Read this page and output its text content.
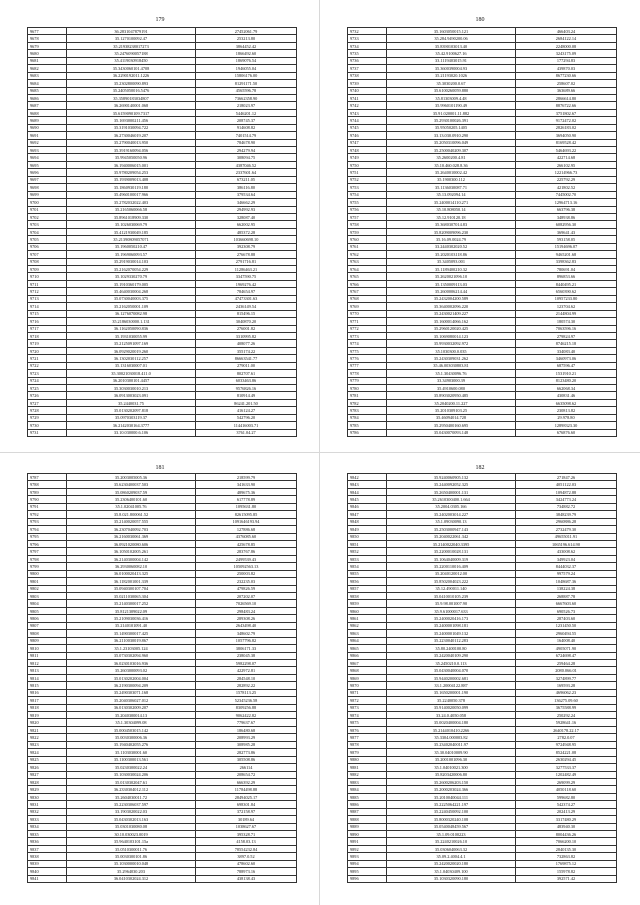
179
9677	36.2831047879191	27452061.79
9678	35.1270100092.47	253213.80
9679	35.21938238017273	3864452.42
9680	35.2476090057188	1866492.60
9681	35.4119030918450	1869076.54
9682	35.3430060101.4708	1946055.04
9683	36.2290192011.1226	15806176.00
9684	35.2302800090.893	81291171.50
9685	35.2405050016.5476	4565596.78
9686	35.35890183034807	73662358.90
9687	36.2690140001.068	218023.97
9688	35.6159090109.7317	5446201.12
9689	35.1693000211.456	208745.37
9690	35.3191030094.722	914608.82
9691	36.2730046019.207	7401514.79
9692	35.2790040013.950	784678.90
9693	35.3919160094.056	294279.94
9694	35.9945050050.96	308094.75
9695	36.1940006015.001	4387046.52
9696	35.9780209054.253	2337601.64
9697	35.1939009013.408	673211.05
9698	35.1860930119.180	386116.80
9699	35.4960100017.966	379534.64
9700	35.2782032022.403	346662.29
9701	35.2165060066.58	294992.93
9702	35.8961018909.330	328087.40
9703	35.1026030069.79	662002.95
9704	35.4121930049.185	485372.28
9705	35.21390809057071	103660698.10
9706	35.1960050210.47	392308.79
9707	35.1969060093.57	276678.88
9708	35.2919030014.103	2791716.81
9709	35.2162070054.229	11286463.21
9710	35.1029330270.79	3347590.75
9711	35.1910360179.005	1969276.42
9712	35.4640030004.268	784654.97
9713	35.0730040003.375	47473301.63
9714	35.2162050001.109	2436149.54
9715	36.1276070082.98	815496.15
9716	35.2186030000.1.131	3040870.20
9717	36.1162050090.836	276001.82
9718	35.1931030055.99	3310995.82
9719	35.2125091097.169	408077.26
9720	36.0929020019.260	355174.22
9721	36.1302030112.257	86663541.77
9722	35.1316030007.01	279011.00
9723	35.30021030018.411.0	802707.61
9724	36.2010300101.4457	6033463.86
9725	35.3030030010.213	9576826.16
9726	36.0913003023.091	810914.49
9727	35.2440031.75	86241.201.50
9728	35.0130202097.818	416124.27
9729	35.0970303119.37	542796.20
9730	36.2142030164.3777	114416003.71
9731	33.10.030000.6.106	3761.04.27
180
9732	35.1603050015.121	466403.24
9733	35.284.9490200.06	2684122.14
9734	35.8390103013.40	2248000.08
9735	35.42.9100627.16	3243175.09
9736	33.1119403015.91	177294.83
9737	35.3600390004.93	439870.03
9738	35.21193020.1026	8677230.66
9739	35.3030200.0.67	258607.02
9740	35.6100260059.880	363689.66
9741	35.81303009.4.48	2866614.80
9742	35.9960101190.49	8876722.66
9743	35.91.020001.11.882	3751802.67
9744	35.2930100026.391	9172472.02
9745	35.95050205.1405	2826183.02
9746	33.13.030.0910.290	3694050.90
9747	35.2050310096.049	8169528.42
9748	35.2500040209.307	5464693.22
9749	35.2600200.4.81	422714.68
9750	35.10.460.028.8.36	266102.95
9751	35.2640010002.42	12214966.73
9752	35.1900300.112	225792.29
9753	35.1136030087.71	421802.52
9754	35.13.092094.14	7445002.70
9755	35.2400014110.271	12964713.16
9756	35.10.808050.14	663796.38
9757	35.12.910120.18	348938.86
9758	35.3680307014.83	6082956.30
9759	35.8209009096.230	369641.43
9760	35.16.09.0024.79	593158.05
9761	33.2440302020.52	15194696.07
9762	35.2020103118.86	9465201.68
9763	35.3405093.001	3398362.83
9764	35.1189400210.32	780691.04
9765	35.2620021096.10	896853.66
9766	35.1350009113.03	8440495.21
9767	35.2600006214.44	6560390.62
9768	35.2432004200.589	10957233.80
9769	35.3640002096.220	123704.62
9770	35.2430021409.227	2144804.99
9771	35.1600014066.162	180574.30
9772	35.2960120020.425	7063596.16
9773	35.1069080014.123	279824.97
9774	35.9930032092.972	8746215.18
9775	35.1030300.0.035	334083.40
9776	35.2430309031.262	3460973.06
9777	35.46.003030803.81	687596.47
9778	35.1.30430096.76	1531910.21
9779	33.34903000.39	8123480.20
9780	35.4910600.080	662068.34
9781	35.8903020950.485	430831.46
9782	35.2040200.11.227	6635098.62
9783	35.2010309103.25	230813.82
9784	35.46094014.728	29.978.80
9785	35.2950400160.695	12898323.30
9786	35.0430070093.148	676876.60
181
9787	35.2003005005.36	218599.79
9788	35.6230400037.503	341633.90
9789	35.0860209037.59	489675.36
9790	35.2306400101.60	617778.89
9791	35.1.02041005.76	1095631.80
9792	35.8.021.800061.52	82615095.85
9793	35.2140020057.555	1091646193.94
9794	36.2307040092.703	127886.68
9795	36.2160030061.369	4376085.60
9796	36.0921020080.606	425678.85
9797	36.1050102005.261	283767.86
9798	36.2140300004.142	2499539.43
9799	36.2930060082.10	105092563.13
9800	36.0100020413.325	250003.82
9801	36.1182001001.339	232235.03
9802	35.0940300107.704	479826.59
9803	35.0211030065.304	207202.07
9804	35.2140300017.252	7026569.10
9805	35.8121309022.09	298483.24
9806	35.2109030036.416	289308.26
9807	35.2140101091.40	2643498.40
9808	35.1490300017.425	348602.79
9809	36.2110030019.867	1057796.82
9810	35.1.23103005.124	3806171.33
9811	35.0730302094.960	238045.38
9812	36.0230103016.936	5982298.07
9813	35.2603000093.02	422972.81
9814	35.0130202004.004	284548.10
9815	36.2190300094.209	282892.22
9816	35.2490303071.168	1578113.25
9817	35.2040306027.012	52345236.58
9818	36.0130302009.207	8309256.88
9819	35.2040300014.13	9062422.82
9820	35.1.30304099.08	779637.67
9821	35.0004503015.142	186480.68
9822	35.0030300006.36	208993.29
9823	35.1940402055.276	308985.28
9824	35.1103030001.60	282773.86
9825	35.1100300013.561	305508.86
9826	35.0230300022.24	266114
9827	35.1030030024.206	208654.72
9828	35.0130302047.61	666392.29
9829	36.2330304012.112	11784498.88
9830	35.2604030011.72	28494025.17
9831	35.2230306037.597	698301.84
9832	33.1903020022.03	372158.97
9833	35.0430302013.163	30189.64
9834	35.0301030080.08	1038627.67
9835	30.10.030023.0019	395328.71
9836	35.9640103101.15a	4158.03.13
9837	35.0510300011.76	78554232.84
9838	35.0030300101.86	3897.0.52
9839	35.1030000010.048	478602.60
9840	35.2964030.203	788973.16
9841	36.0410302024.312	438138.43
182
9842	35.9240060905.132	271847.26
9843	35.2440092052.325	4051122.03
9844	35.2650400001.131	1094872.88
9845	35.2610300400.1.664	3424773.24
9846	35.2004.0305.166	734882.72
9847	35.2402003014.227	3848239.79
9848	35.1.09030090.13	2960886.28
9849	35.2503000947.143	2732479.30
9850	35.2040022061.342	49655011.91
9851	35.2140022040.3395	1065196.614.90
9852	35.2200010028.131	433008.62
9853	35.1064040009.319	349923.04
9854	35.2200110016.409	8444032.37
9855	35.2040120012.00	997579.24
9856	35.8502004023.222	1048687.36
9857	35.12.490011.140	138224.38
9858	35.0410010105.239	268887.78
9859	35.9.98.001007.90	6667603.60
9860	35.9.61000017.633	690526.73
9861	35.2400020416.173	287403.60
9862	35.2400001098.181	1231450.50
9863	35.2400001049.132	2960494.55
9864	35.2230040112.283	164008.40
9865	35.80.2400100.80	4905071.90
9866	35.2420040109.290	6724698.47
9867	35.2450210.0.113	259464.28
9868	35.0430040004.070	2080.066.01
9869	35.9440200002.681	3274899.77
9870	33.1.20004122.887	169593.28
9871	35.1650200001.190	4696062.23
9872	35.2240050.378	136275.09.60
9873	35.9140020050.099	3675588.99
9874	33.24.0.4050.058	250292.24
9875	35.0020400004.180	5928641.16
9876	35.2144010410.2266	2640178.22.17
9877	35.3304.000003.82	2782.0.07
9878	35.23402040011.97	9724948.95
9879	35.30.04010009.90	8524221.08
9880	35.2001001096.30	2630294.45
9881	35.1.04010021.300	3277533.37
9882	35.8203420006.80	1202482.49
9883	35.2600206203.150	269099.29
9884	35.2000203024.366	4050118.60
9885	35.2010040044.111	599682.80
9886	35.2225064221.197	542374.27
9887	35.2240450092.100	202413.29
9888	35.8000320240.108	3317480.29
9889	35.0540048459.567	483940.30
9890	35.1.09.0100223	8004436.26
9891	35.2240210026.10	7066200.10
9892	35.0306040063.32	2840135.30
9893	35.09.2.4004.4.1	732863.82
9894	35.2420020020.180	1769875.12
9895	35.1.04030409.100	155978.82
9896	35.1030320090.180	392571.42
